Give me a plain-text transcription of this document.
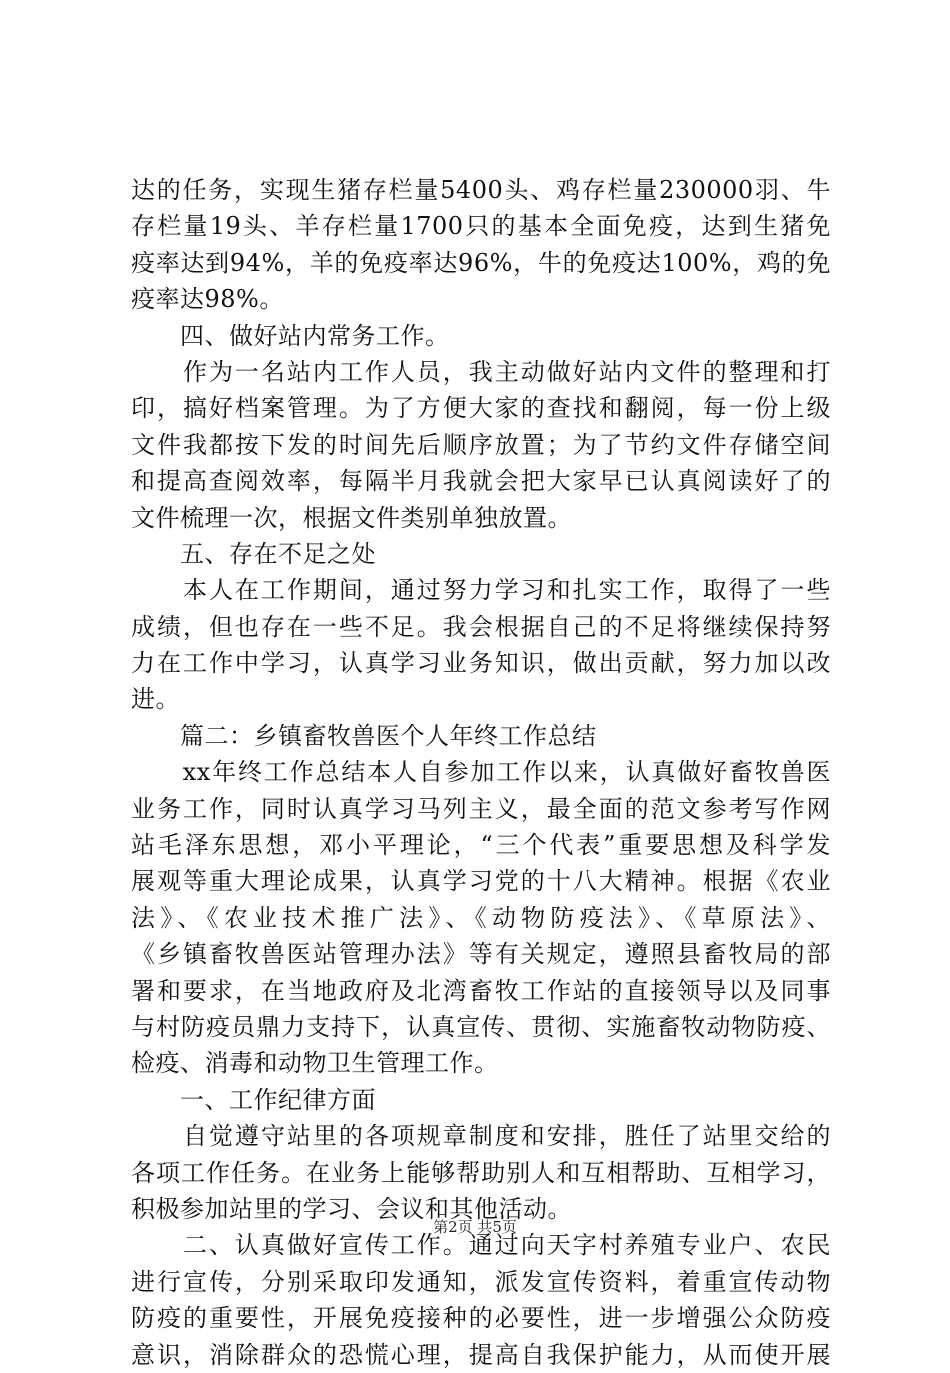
达的任务，实现生猪存栏量5400头、鸡存栏量230000羽、牛
存栏量19头、羊存栏量1700只的基本全面免疫，达到生猪免
疫率达到94%，羊的免疫率达96%，牛的免疫达100%，鸡的免
疫率达98%。
　　四、做好站内常务工作。
　　作为一名站内工作人员，我主动做好站内文件的整理和打
印，搞好档案管理。为了方便大家的查找和翻阅，每一份上级
文件我都按下发的时间先后顺序放置；为了节约文件存储空间
和提高查阅效率，每隔半月我就会把大家早已认真阅读好了的
文件梳理一次，根据文件类别单独放置。
　　五、存在不足之处
　　本人在工作期间，通过努力学习和扎实工作，取得了一些
成绩，但也存在一些不足。我会根据自己的不足将继续保持努
力在工作中学习，认真学习业务知识，做出贡献，努力加以改
进。
　　篇二：乡镇畜牧兽医个人年终工作总结
　　xx年终工作总结本人自参加工作以来，认真做好畜牧兽医
业务工作，同时认真学习马列主义，最全面的范文参考写作网
站毛泽东思想，邓小平理论，“三个代表”重要思想及科学发
展观等重大理论成果，认真学习党的十八大精神。根据《农业
法》、《农业技术推广法》、《动物防疫法》、《草原法》、
《乡镇畜牧兽医站管理办法》等有关规定，遵照县畜牧局的部
署和要求，在当地政府及北湾畜牧工作站的直接领导以及同事
与村防疫员鼎力支持下，认真宣传、贯彻、实施畜牧动物防疫、
检疫、消毒和动物卫生管理工作。
　　一、工作纪律方面
　　自觉遵守站里的各项规章制度和安排，胜任了站里交给的
各项工作任务。在业务上能够帮助别人和互相帮助、互相学习，
积极参加站里的学习、会议和其他活动。
　　二、认真做好宣传工作。通过向天字村养殖专业户、农民
进行宣传，分别采取印发通知，派发宣传资料，着重宣传动物
防疫的重要性，开展免疫接种的必要性，进一步增强公众防疫
意识，消除群众的恐慌心理，提高自我保护能力，从而使开展
第2页 共5页
